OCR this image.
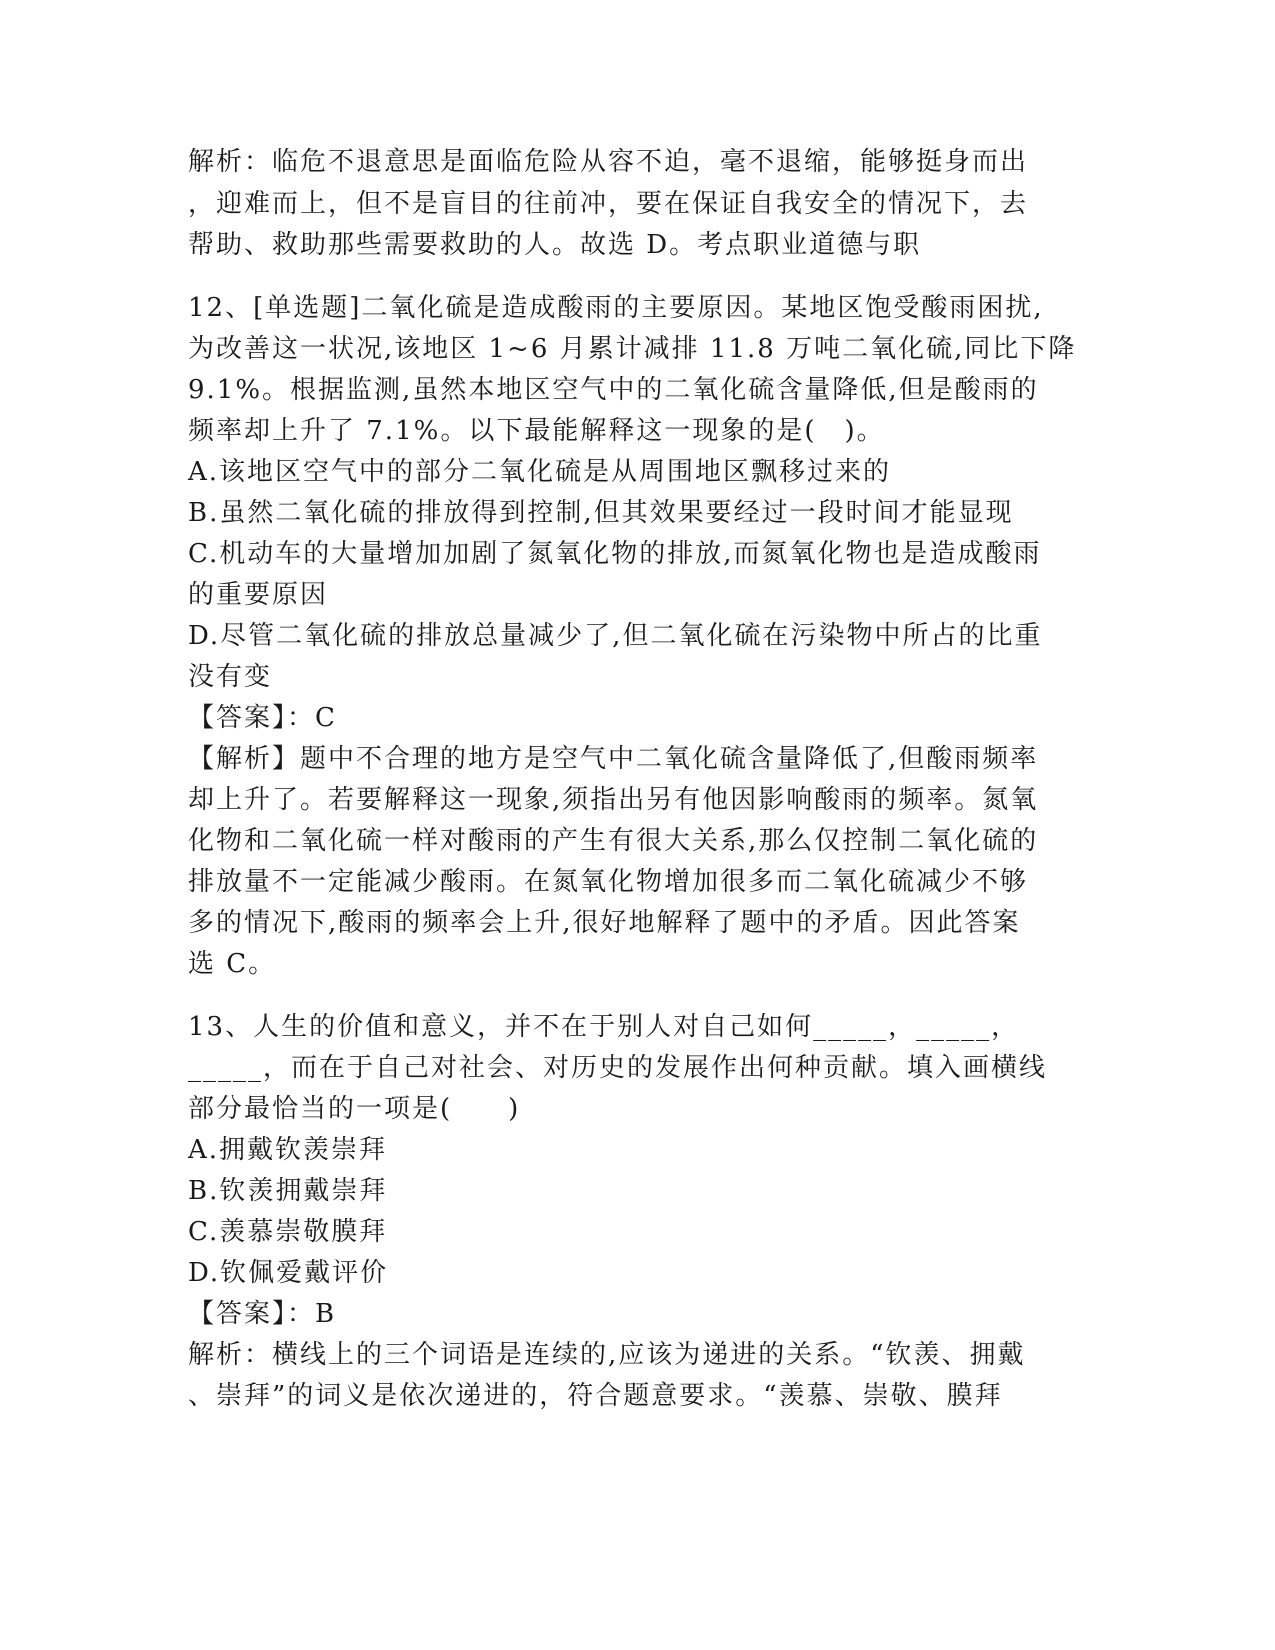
解析：临危不退意思是面临危险从容不迫，毫不退缩，能够挺身而出
，迎难而上，但不是盲目的往前冲，要在保证自我安全的情况下，去
帮助、救助那些需要救助的人。故选 D。考点职业道德与职
12、[单选题]二氧化硫是造成酸雨的主要原因。某地区饱受酸雨困扰,
为改善这一状况,该地区 1~6 月累计减排 11.8 万吨二氧化硫,同比下降
9.1%。根据监测,虽然本地区空气中的二氧化硫含量降低,但是酸雨的
频率却上升了 7.1%。以下最能解释这一现象的是(　)。
A.该地区空气中的部分二氧化硫是从周围地区飘移过来的
B.虽然二氧化硫的排放得到控制,但其效果要经过一段时间才能显现
C.机动车的大量增加加剧了氮氧化物的排放,而氮氧化物也是造成酸雨
的重要原因
D.尽管二氧化硫的排放总量减少了,但二氧化硫在污染物中所占的比重
没有变
【答案】：C
【解析】题中不合理的地方是空气中二氧化硫含量降低了,但酸雨频率
却上升了。若要解释这一现象,须指出另有他因影响酸雨的频率。氮氧
化物和二氧化硫一样对酸雨的产生有很大关系,那么仅控制二氧化硫的
排放量不一定能减少酸雨。在氮氧化物增加很多而二氧化硫减少不够
多的情况下,酸雨的频率会上升,很好地解释了题中的矛盾。因此答案
选 C。
13、人生的价值和意义，并不在于别人对自己如何_____，_____，
_____，而在于自己对社会、对历史的发展作出何种贡献。填入画横线
部分最恰当的一项是(　　)
A.拥戴钦羡崇拜
B.钦羡拥戴崇拜
C.羡慕崇敬膜拜
D.钦佩爱戴评价
【答案】：B
解析：横线上的三个词语是连续的,应该为递进的关系。“钦羡、拥戴
、崇拜”的词义是依次递进的，符合题意要求。“羡慕、崇敬、膜拜
